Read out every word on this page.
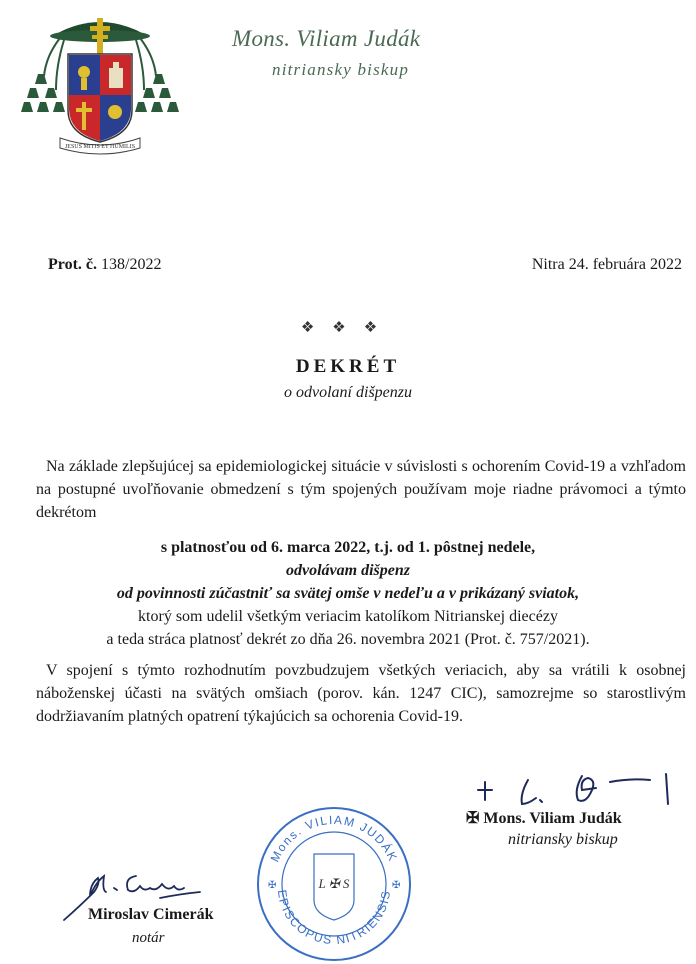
JESUS MITIS ET HUMILIS
Mons. Viliam Judák
nitriansky biskup
Prot. č. 138/2022	Nitra 24. februára 2022
❖❖❖
DEKRÉT
o odvolaní dišpenzu
Na základe zlepšujúcej sa epidemiologickej situácie v súvislosti s ochorením Covid-19 a vzhľadom na postupné uvoľňovanie obmedzení s tým spojených používam moje riadne právomoci a týmto dekrétom
s platnosťou od 6. marca 2022, t.j. od 1. pôstnej nedele,
odvolávam dišpenz
od povinnosti zúčastniť sa svätej omše v nedeľu a v prikázaný sviatok,
ktorý som udelil všetkým veriacim katolíkom Nitrianskej diecézy
a teda stráca platnosť dekrét zo dňa 26. novembra 2021 (Prot. č. 757/2021).
V spojení s týmto rozhodnutím povzbudzujem všetkých veriacich, aby sa vrátili k osobnej náboženskej účasti na svätých omšiach (porov. kán. 1247 CIC), samozrejme so starostlivým dodržiavaním platných opatrení týkajúcich sa ochorenia Covid-19.
✠ Mons. Viliam Judák
nitriansky biskup
Mons. VILIAM JUDÁK
EPISCOPUS NITRIENSIS
L ✠ S
✠	✠
Miroslav Cimerák
notár
